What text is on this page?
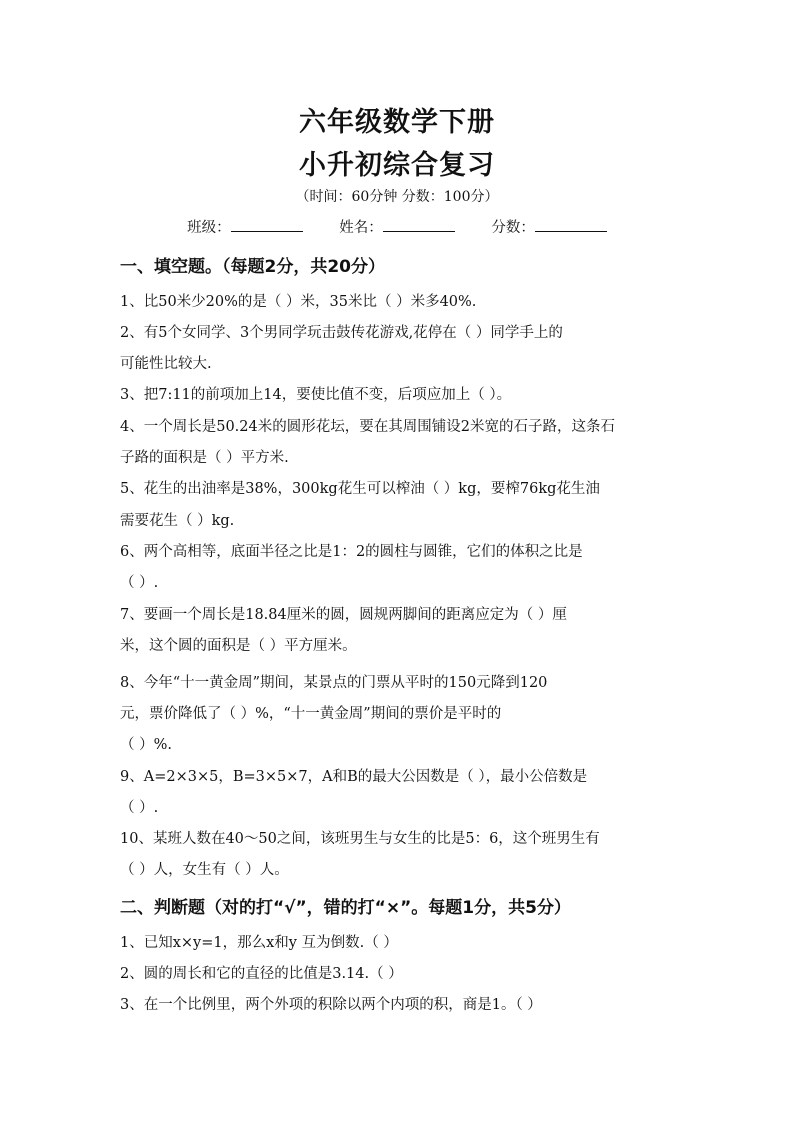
六年级数学下册
小升初综合复习
（时间：60分钟 分数：100分）
班级：	姓名：	分数：
一、填空题。（每题2分，共20分）
1、比50米少20%的是（ ）米，35米比（ ）米多40%.
2、有5个女同学、3个男同学玩击鼓传花游戏,花停在（ ）同学手上的
可能性比较大.
3、把7:11的前项加上14，要使比值不变，后项应加上（ ）。
4、一个周长是50.24米的圆形花坛，要在其周围铺设2米宽的石子路，这条石
子路的面积是（ ）平方米.
5、花生的出油率是38%，300kg花生可以榨油（ ）kg，要榨76kg花生油
需要花生（ ）kg.
6、两个高相等，底面半径之比是1：2的圆柱与圆锥，它们的体积之比是
（ ）.
7、要画一个周长是18.84厘米的圆，圆规两脚间的距离应定为（ ）厘
米，这个圆的面积是（ ）平方厘米。
8、今年“十一黄金周”期间，某景点的门票从平时的150元降到120
元，票价降低了（ ）%，“十一黄金周”期间的票价是平时的
（ ）%.
9、A=2×3×5，B=3×5×7，A和B的最大公因数是（ ），最小公倍数是
（ ）.
10、某班人数在40～50之间，该班男生与女生的比是5：6，这个班男生有
（ ）人，女生有（ ）人。
二、判断题（对的打“√”，错的打“×”。每题1分，共5分）
1、已知x×y=1，那么x和y 互为倒数.（ ）
2、圆的周长和它的直径的比值是3.14.（ ）
3、在一个比例里，两个外项的积除以两个内项的积，商是1。（ ）
